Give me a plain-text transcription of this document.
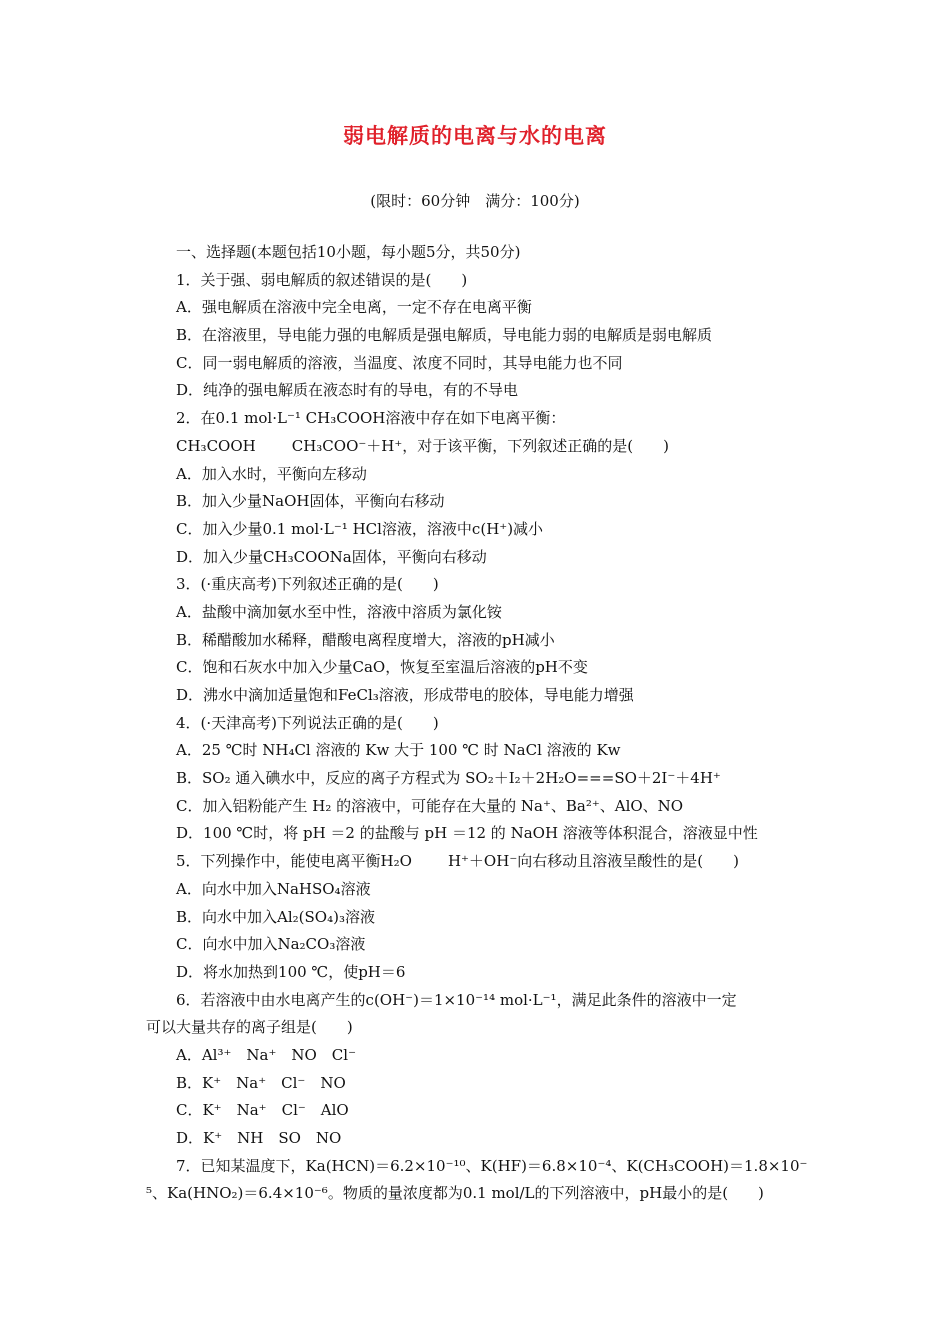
弱电解质的电离与水的电离
(限时：60分钟　满分：100分)
一、选择题(本题包括10小题，每小题5分，共50分)
1．关于强、弱电解质的叙述错误的是(　　)
A．强电解质在溶液中完全电离，一定不存在电离平衡
B．在溶液里，导电能力强的电解质是强电解质，导电能力弱的电解质是弱电解质
C．同一弱电解质的溶液，当温度、浓度不同时，其导电能力也不同
D．纯净的强电解质在液态时有的导电，有的不导电
2．在0.1 mol·L⁻¹ CH₃COOH溶液中存在如下电离平衡：
CH₃COOH CH₃COO⁻＋H⁺，对于该平衡，下列叙述正确的是(　　)
A．加入水时，平衡向左移动
B．加入少量NaOH固体，平衡向右移动
C．加入少量0.1 mol·L⁻¹ HCl溶液，溶液中c(H⁺)减小
D．加入少量CH₃COONa固体，平衡向右移动
3．(·重庆高考)下列叙述正确的是(　　)
A．盐酸中滴加氨水至中性，溶液中溶质为氯化铵
B．稀醋酸加水稀释，醋酸电离程度增大，溶液的pH减小
C．饱和石灰水中加入少量CaO，恢复至室温后溶液的pH不变
D．沸水中滴加适量饱和FeCl₃溶液，形成带电的胶体，导电能力增强
4．(·天津高考)下列说法正确的是(　　)
A．25 ℃时 NH₄Cl 溶液的 Kw 大于 100 ℃ 时 NaCl 溶液的 Kw
B．SO₂ 通入碘水中，反应的离子方程式为 SO₂＋I₂＋2H₂O===SO＋2I⁻＋4H⁺
C．加入铝粉能产生 H₂ 的溶液中，可能存在大量的 Na⁺、Ba²⁺、AlO、NO
D．100 ℃时，将 pH ＝2 的盐酸与 pH ＝12 的 NaOH 溶液等体积混合，溶液显中性
5．下列操作中，能使电离平衡H₂O H⁺＋OH⁻向右移动且溶液呈酸性的是(　　)
A．向水中加入NaHSO₄溶液
B．向水中加入Al₂(SO₄)₃溶液
C．向水中加入Na₂CO₃溶液
D．将水加热到100 ℃，使pH＝6
6．若溶液中由水电离产生的c(OH⁻)＝1×10⁻¹⁴ mol·L⁻¹，满足此条件的溶液中一定
可以大量共存的离子组是(　　)
A．Al³⁺　Na⁺　NO　Cl⁻
B．K⁺　Na⁺　Cl⁻　NO
C．K⁺　Na⁺　Cl⁻　AlO
D．K⁺　NH　SO　NO
7．已知某温度下，Ka(HCN)＝6.2×10⁻¹⁰、K(HF)＝6.8×10⁻⁴、K(CH₃COOH)＝1.8×10⁻
⁵、Ka(HNO₂)＝6.4×10⁻⁶。物质的量浓度都为0.1 mol/L的下列溶液中，pH最小的是(　　)
